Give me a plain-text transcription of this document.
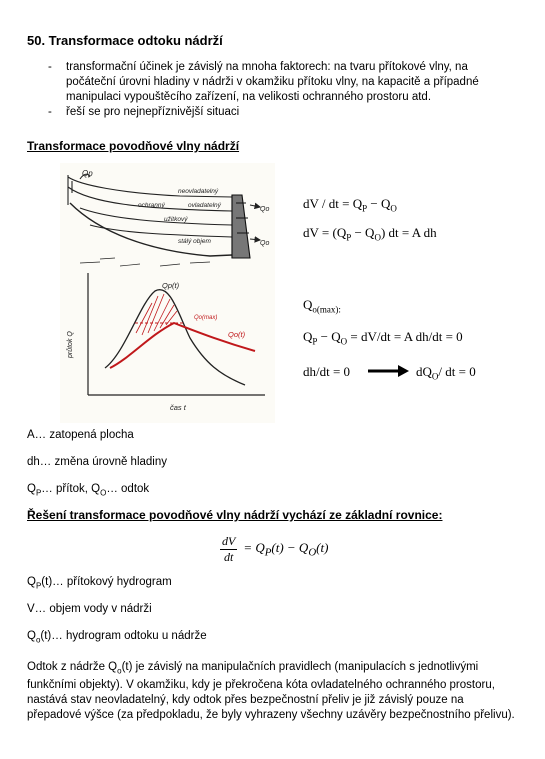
50. Transformace odtoku nádrží
- transformační účinek je závislý na mnoha faktorech: na tvaru přítokové vlny, na počáteční úrovni hladiny v nádrži v okamžiku přítoku vlny, na kapacitě a případné manipulaci vypouštěcího zařízení, na velikosti ochranného prostoru atd.
- řeší se pro nejnepříznivější situaci
Transformace povodňové vlny nádrží
Qp
neovladatelný
ochranný	ovladatelný
užitkový
stálý objem
Qo
Qo
průtok Q
Qp(t)
Qo(max)
Qo(t)
čas t
dV / dt = $Q_P - Q_O$
dV = $(Q_P - Q_O)$ dt = A dh
$Q_{o(max):}$
$Q_P - Q_O = dV/dt = A$ dh/dt = 0
dh/dt = 0	$dQ_O/$ dt = 0
A… zatopená plocha
dh… změna úrovně hladiny
$Q_P\dots$ přítok, $Q_O\dots$ odtok
Řešení transformace povodňové vlny nádrží vychází ze základní rovnice:
$\frac{dV}{dt} = Q_P(t) - Q_O(t)$
$Q_P(t)\dots$ přítokový hydrogram
V… objem vody v nádrži
$Q_o(t)\dots$ hydrogram odtoku u nádrže
Odtok z nádrže $Q_o(t)$ je závislý na manipulačních pravidlech (manipulacích s jednotlivými funkčními objekty). V okamžiku, kdy je překročena kóta ovladatelného ochranného prostoru, nastává stav neovladatelný, kdy odtok přes bezpečnostní přeliv je již závislý pouze na přepadové výšce (za předpokladu, že byly vyhrazeny všechny uzávěry bezpečnostního přelivu).
